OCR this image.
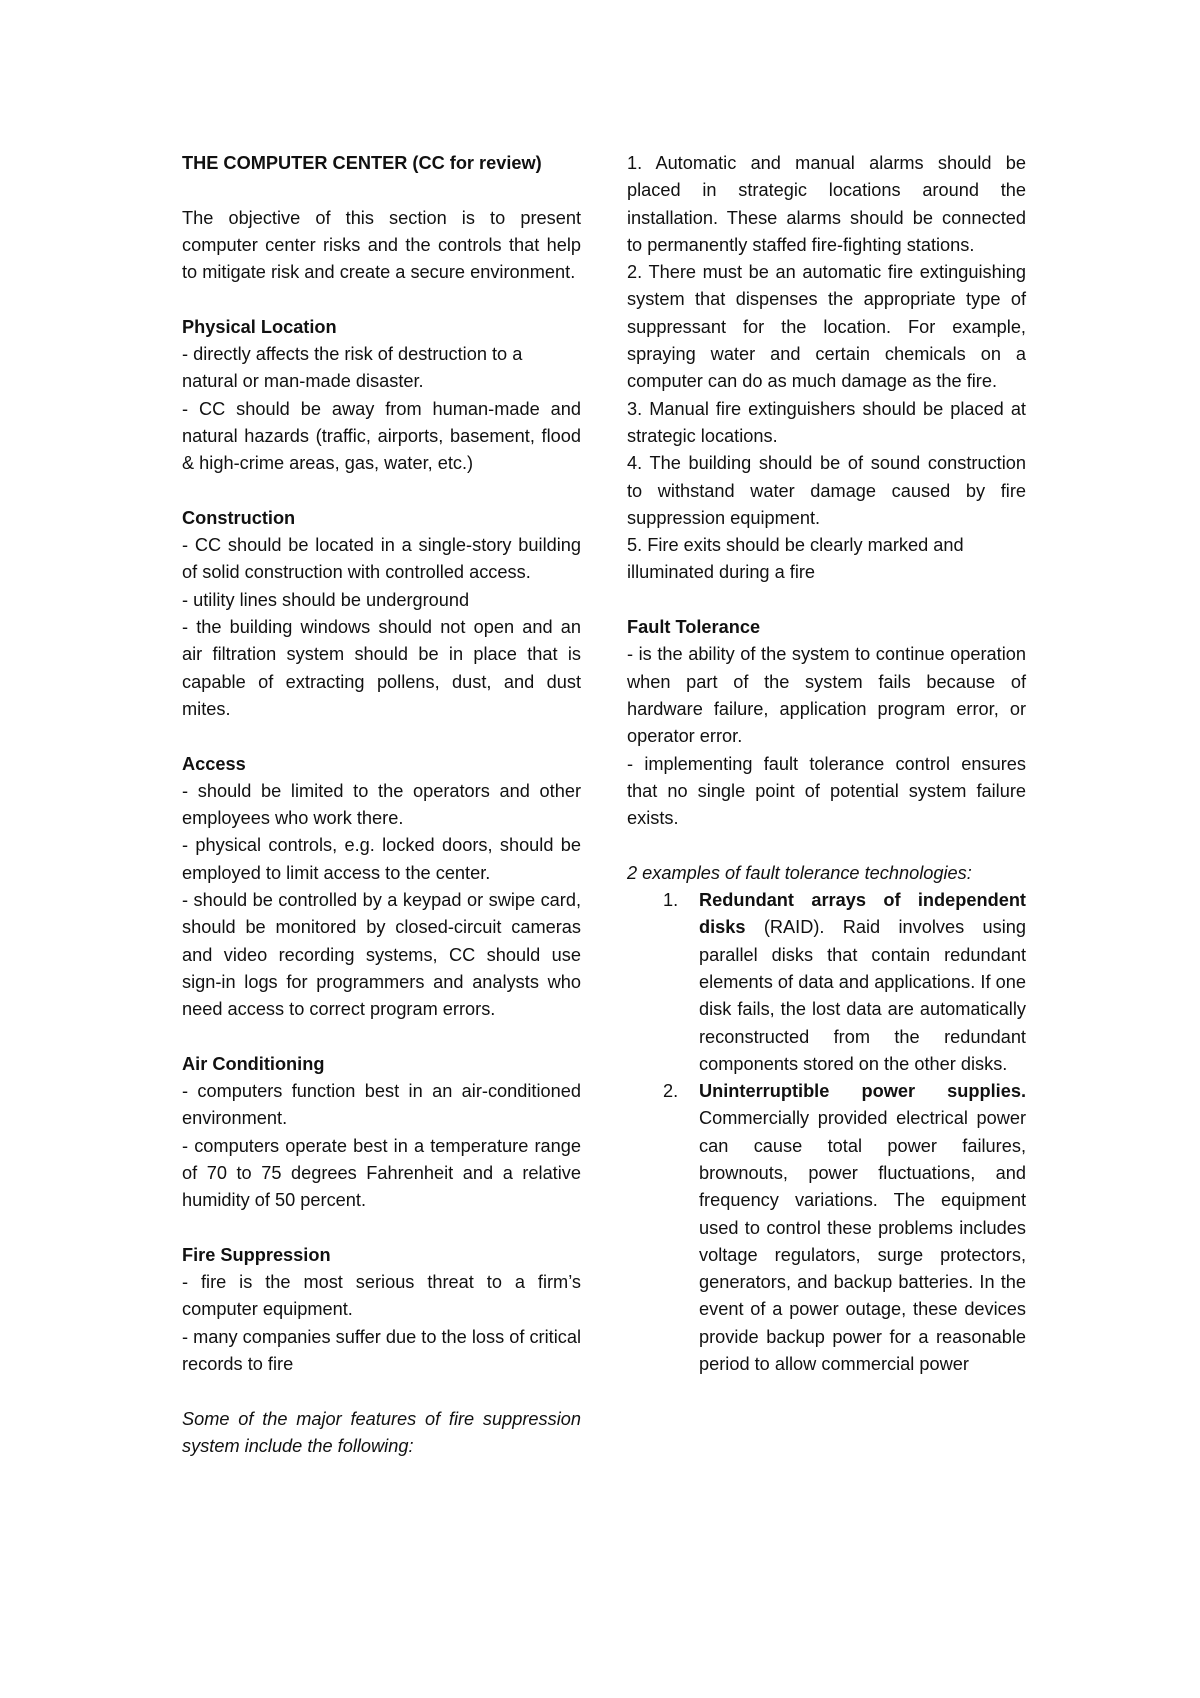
THE COMPUTER CENTER (CC for review)

The objective of this section is to present computer center risks and the controls that help to mitigate risk and create a secure environment.

Physical Location

- directly affects the risk of destruction to a natural or man-made disaster.

- CC should be away from human-made and natural hazards (traffic, airports, basement, flood & high-crime areas, gas, water, etc.)

Construction

- CC should be located in a single-story building of solid construction with controlled access.

- utility lines should be underground

- the building windows should not open and an air filtration system should be in place that is capable of extracting pollens, dust, and dust mites.

Access

- should be limited to the operators and other employees who work there.

- physical controls, e.g. locked doors, should be employed to limit access to the center.

- should be controlled by a keypad or swipe card, should be monitored by closed-circuit cameras and video recording systems, CC should use sign-in logs for programmers and analysts who need access to correct program errors.

Air Conditioning

- computers function best in an air-conditioned environment.

- computers operate best in a temperature range of 70 to 75 degrees Fahrenheit and a relative humidity of 50 percent.

Fire Suppression

- fire is the most serious threat to a firm’s computer equipment.

- many companies suffer due to the loss of critical records to fire

Some of the major features of fire suppression system include the following:

1. Automatic and manual alarms should be placed in strategic locations around the installation. These alarms should be connected to permanently staffed fire-fighting stations.

2. There must be an automatic fire extinguishing system that dispenses the appropriate type of suppressant for the location. For example, spraying water and certain chemicals on a computer can do as much damage as the fire.

3. Manual fire extinguishers should be placed at strategic locations.

4. The building should be of sound construction to withstand water damage caused by fire suppression equipment.

5. Fire exits should be clearly marked and illuminated during a fire

Fault Tolerance

- is the ability of the system to continue operation when part of the system fails because of hardware failure, application program error, or operator error.

- implementing fault tolerance control ensures that no single point of potential system failure exists.

2 examples of fault tolerance technologies:

1. Redundant arrays of independent disks (RAID). Raid involves using parallel disks that contain redundant elements of data and applications. If one disk fails, the lost data are automatically reconstructed from the redundant components stored on the other disks.
2. Uninterruptible power supplies. Commercially provided electrical power can cause total power failures, brownouts, power fluctuations, and frequency variations. The equipment used to control these problems includes voltage regulators, surge protectors, generators, and backup batteries. In the event of a power outage, these devices provide backup power for a reasonable period to allow commercial power
